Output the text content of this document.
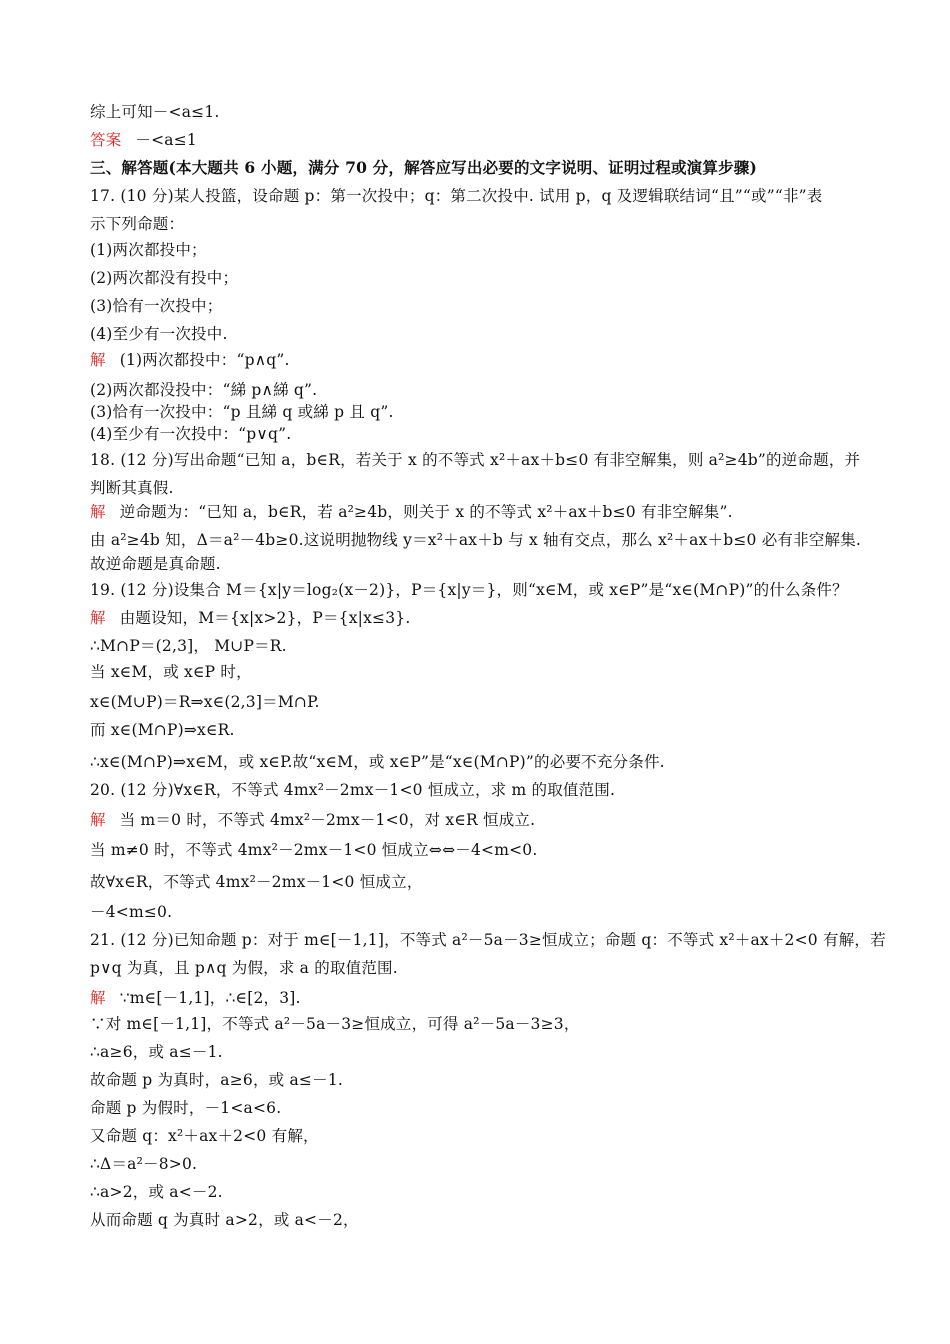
综上可知－<a≤1.
答案 －<a≤1
三、解答题(本大题共 6 小题，满分 70 分，解答应写出必要的文字说明、证明过程或演算步骤)
17. (10 分)某人投篮，设命题 p：第一次投中；q：第二次投中. 试用 p，q 及逻辑联结词“且”“或”“非”表
示下列命题：
(1)两次都投中；
(2)两次都没有投中；
(3)恰有一次投中；
(4)至少有一次投中.
解 (1)两次都投中：“p∧q”.
(2)两次都没投中：“綈 p∧綈 q”.
(3)恰有一次投中：“p 且綈 q 或綈 p 且 q”.
(4)至少有一次投中：“p∨q”.
18. (12 分)写出命题“已知 a，b∈R，若关于 x 的不等式 x²＋ax＋b≤0 有非空解集，则 a²≥4b”的逆命题，并
判断其真假.
解 逆命题为：“已知 a，b∈R，若 a²≥4b，则关于 x 的不等式 x²＋ax＋b≤0 有非空解集”.
由 a²≥4b 知，Δ＝a²－4b≥0.这说明抛物线 y＝x²＋ax＋b 与 x 轴有交点，那么 x²＋ax＋b≤0 必有非空解集.
故逆命题是真命题.
19. (12 分)设集合 M＝{x|y＝log₂(x－2)}，P＝{x|y＝}，则“x∈M，或 x∈P”是“x∈(M∩P)”的什么条件？
解 由题设知，M＝{x|x>2}，P＝{x|x≤3}.
∴M∩P＝(2,3]， M∪P＝R.
当 x∈M，或 x∈P 时，
x∈(M∪P)＝R⇒x∈(2,3]＝M∩P.
而 x∈(M∩P)⇒x∈R.
∴x∈(M∩P)⇒x∈M，或 x∈P.故“x∈M，或 x∈P”是“x∈(M∩P)”的必要不充分条件.
20. (12 分)∀x∈R，不等式 4mx²－2mx－1<0 恒成立，求 m 的取值范围.
解 当 m＝0 时，不等式 4mx²－2mx－1<0，对 x∈R 恒成立.
当 m≠0 时，不等式 4mx²－2mx－1<0 恒成立⇔⇔－4<m<0.
故∀x∈R，不等式 4mx²－2mx－1<0 恒成立，
－4<m≤0.
21. (12 分)已知命题 p：对于 m∈[－1,1]，不等式 a²－5a－3≥恒成立；命题 q：不等式 x²＋ax＋2<0 有解，若
p∨q 为真，且 p∧q 为假，求 a 的取值范围.
解 ∵m∈[－1,1]，∴∈[2，3].
∵对 m∈[－1,1]，不等式 a²－5a－3≥恒成立，可得 a²－5a－3≥3，
∴a≥6，或 a≤－1.
故命题 p 为真时，a≥6，或 a≤－1.
命题 p 为假时，－1<a<6.
又命题 q：x²＋ax＋2<0 有解，
∴Δ＝a²－8>0.
∴a>2，或 a<－2.
从而命题 q 为真时 a>2，或 a<－2，
